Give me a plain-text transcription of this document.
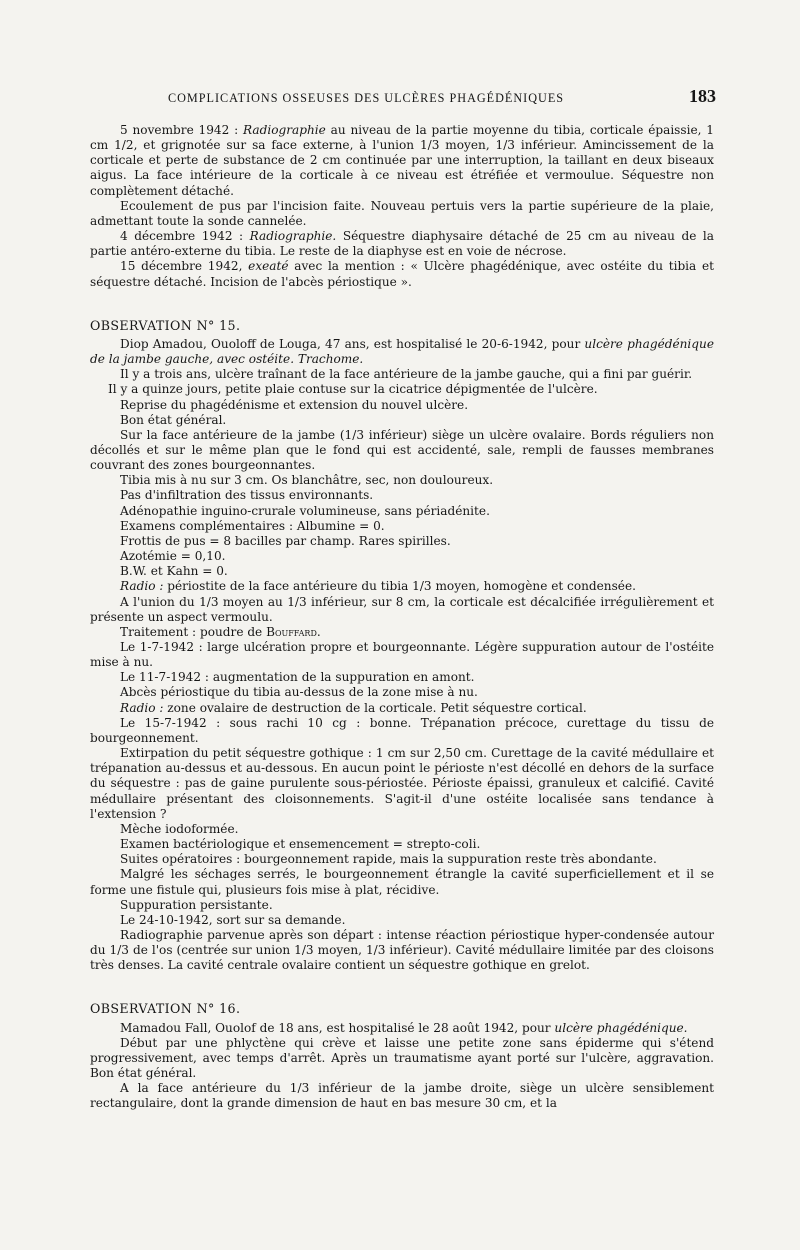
COMPLICATIONS OSSEUSES DES ULCÈRES PHAGÉDÉNIQUES	183

5 novembre 1942 : Radiographie au niveau de la partie moyenne du tibia, corticale épaissie, 1 cm 1/2, et grignotée sur sa face externe, à l'union 1/3 moyen, 1/3 inférieur. Amincissement de la corticale et perte de substance de 2 cm continuée par une interruption, la taillant en deux biseaux aigus. La face intérieure de la corticale à ce niveau est étréfiée et vermoulue. Séquestre non complètement détaché.

Ecoulement de pus par l'incision faite. Nouveau pertuis vers la partie supérieure de la plaie, admettant toute la sonde cannelée.

4 décembre 1942 : Radiographie. Séquestre diaphysaire détaché de 25 cm au niveau de la partie antéro-externe du tibia. Le reste de la diaphyse est en voie de nécrose.

15 décembre 1942, exeaté avec la mention : « Ulcère phagédénique, avec ostéite du tibia et séquestre détaché. Incision de l'abcès périostique ».

OBSERVATION N° 15.

Diop Amadou, Ouoloff de Louga, 47 ans, est hospitalisé le 20-6-1942, pour ulcère phagédénique de la jambe gauche, avec ostéite. Trachome.

Il y a trois ans, ulcère traînant de la face antérieure de la jambe gauche, qui a fini par guérir.

Il y a quinze jours, petite plaie contuse sur la cicatrice dépigmentée de l'ulcère.

Reprise du phagédénisme et extension du nouvel ulcère.

Bon état général.

Sur la face antérieure de la jambe (1/3 inférieur) siège un ulcère ovalaire. Bords réguliers non décollés et sur le même plan que le fond qui est accidenté, sale, rempli de fausses membranes couvrant des zones bourgeonnantes.

Tibia mis à nu sur 3 cm. Os blanchâtre, sec, non douloureux.

Pas d'infiltration des tissus environnants.

Adénopathie inguino-crurale volumineuse, sans périadénite.

Examens complémentaires : Albumine = 0.

Frottis de pus = 8 bacilles par champ. Rares spirilles.

Azotémie = 0,10.

B.W. et Kahn = 0.

Radio : périostite de la face antérieure du tibia 1/3 moyen, homogène et condensée.

A l'union du 1/3 moyen au 1/3 inférieur, sur 8 cm, la corticale est décalcifiée irrégulièrement et présente un aspect vermoulu.

Traitement : poudre de Bouffard.

Le 1-7-1942 : large ulcération propre et bourgeonnante. Légère suppuration autour de l'ostéite mise à nu.

Le 11-7-1942 : augmentation de la suppuration en amont.

Abcès périostique du tibia au-dessus de la zone mise à nu.

Radio : zone ovalaire de destruction de la corticale. Petit séquestre cortical.

Le 15-7-1942 : sous rachi 10 cg : bonne. Trépanation précoce, curettage du tissu de bourgeonnement.

Extirpation du petit séquestre gothique : 1 cm sur 2,50 cm. Curettage de la cavité médullaire et trépanation au-dessus et au-dessous. En aucun point le périoste n'est décollé en dehors de la surface du séquestre : pas de gaine purulente sous-périostée. Périoste épaissi, granuleux et calcifié. Cavité médullaire présentant des cloisonnements. S'agit-il d'une ostéite localisée sans tendance à l'extension ?

Mèche iodoformée.

Examen bactériologique et ensemencement = strepto-coli.

Suites opératoires : bourgeonnement rapide, mais la suppuration reste très abondante.

Malgré les séchages serrés, le bourgeonnement étrangle la cavité superficiellement et il se forme une fistule qui, plusieurs fois mise à plat, récidive.

Suppuration persistante.

Le 24-10-1942, sort sur sa demande.

Radiographie parvenue après son départ : intense réaction périostique hyper-condensée autour du 1/3 de l'os (centrée sur union 1/3 moyen, 1/3 inférieur). Cavité médullaire limitée par des cloisons très denses. La cavité centrale ovalaire contient un séquestre gothique en grelot.

OBSERVATION N° 16.

Mamadou Fall, Ouolof de 18 ans, est hospitalisé le 28 août 1942, pour ulcère phagédénique.

Début par une phlyctène qui crève et laisse une petite zone sans épiderme qui s'étend progressivement, avec temps d'arrêt. Après un traumatisme ayant porté sur l'ulcère, aggravation. Bon état général.

A la face antérieure du 1/3 inférieur de la jambe droite, siège un ulcère sensiblement rectangulaire, dont la grande dimension de haut en bas mesure 30 cm, et la
